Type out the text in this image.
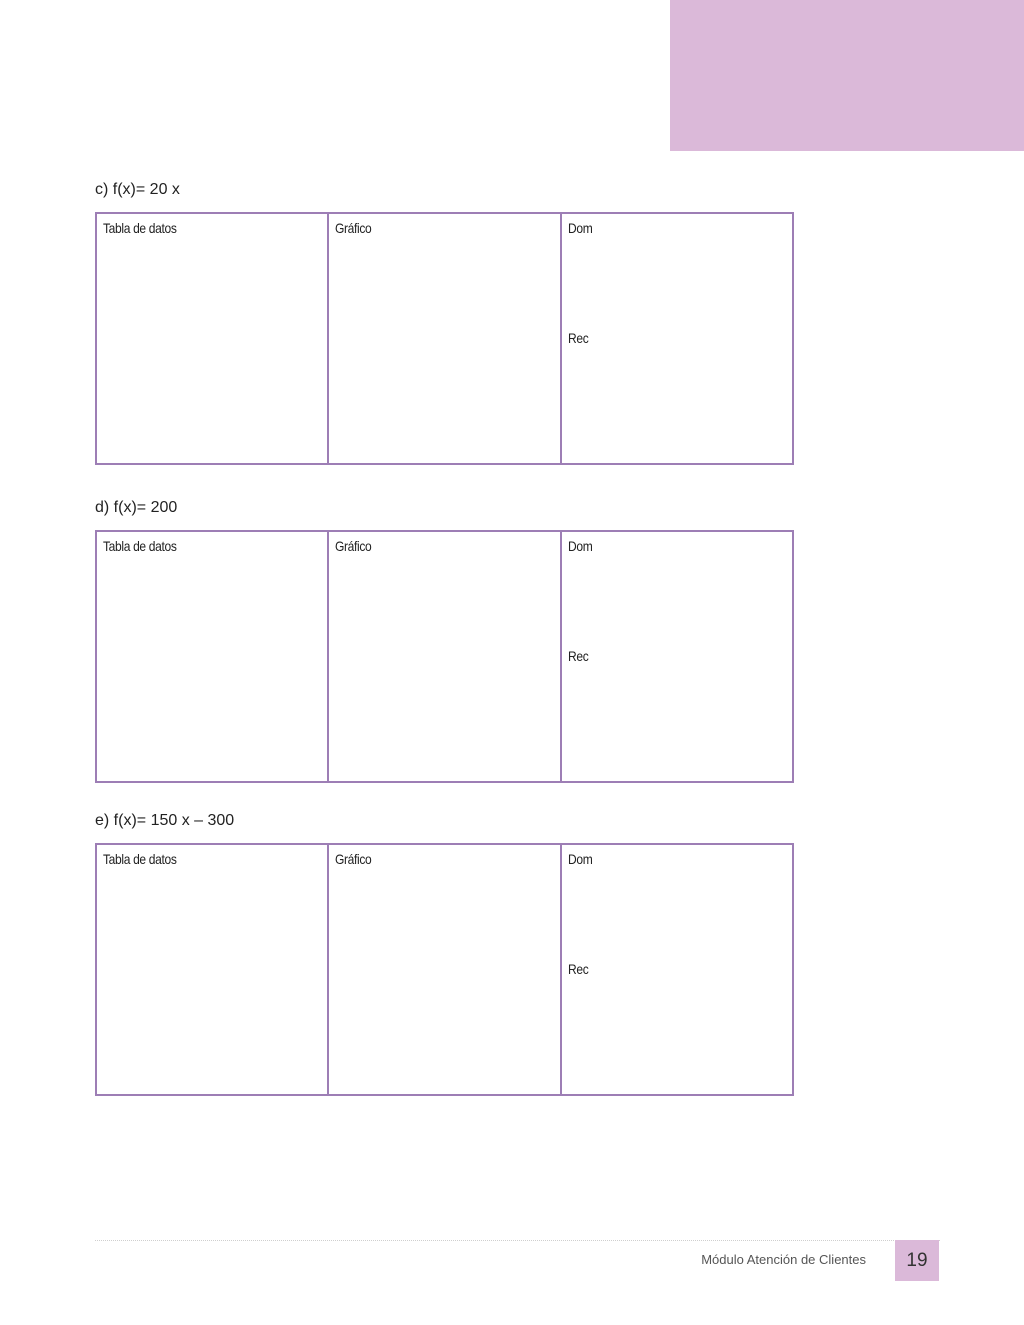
c) f(x)= 20 x
Tabla de datos	Gráfico	Dom
Rec
d) f(x)= 200
Tabla de datos	Gráfico	Dom
Rec
e) f(x)= 150 x – 300
Tabla de datos	Gráfico	Dom
Rec
Módulo Atención de Clientes	19
